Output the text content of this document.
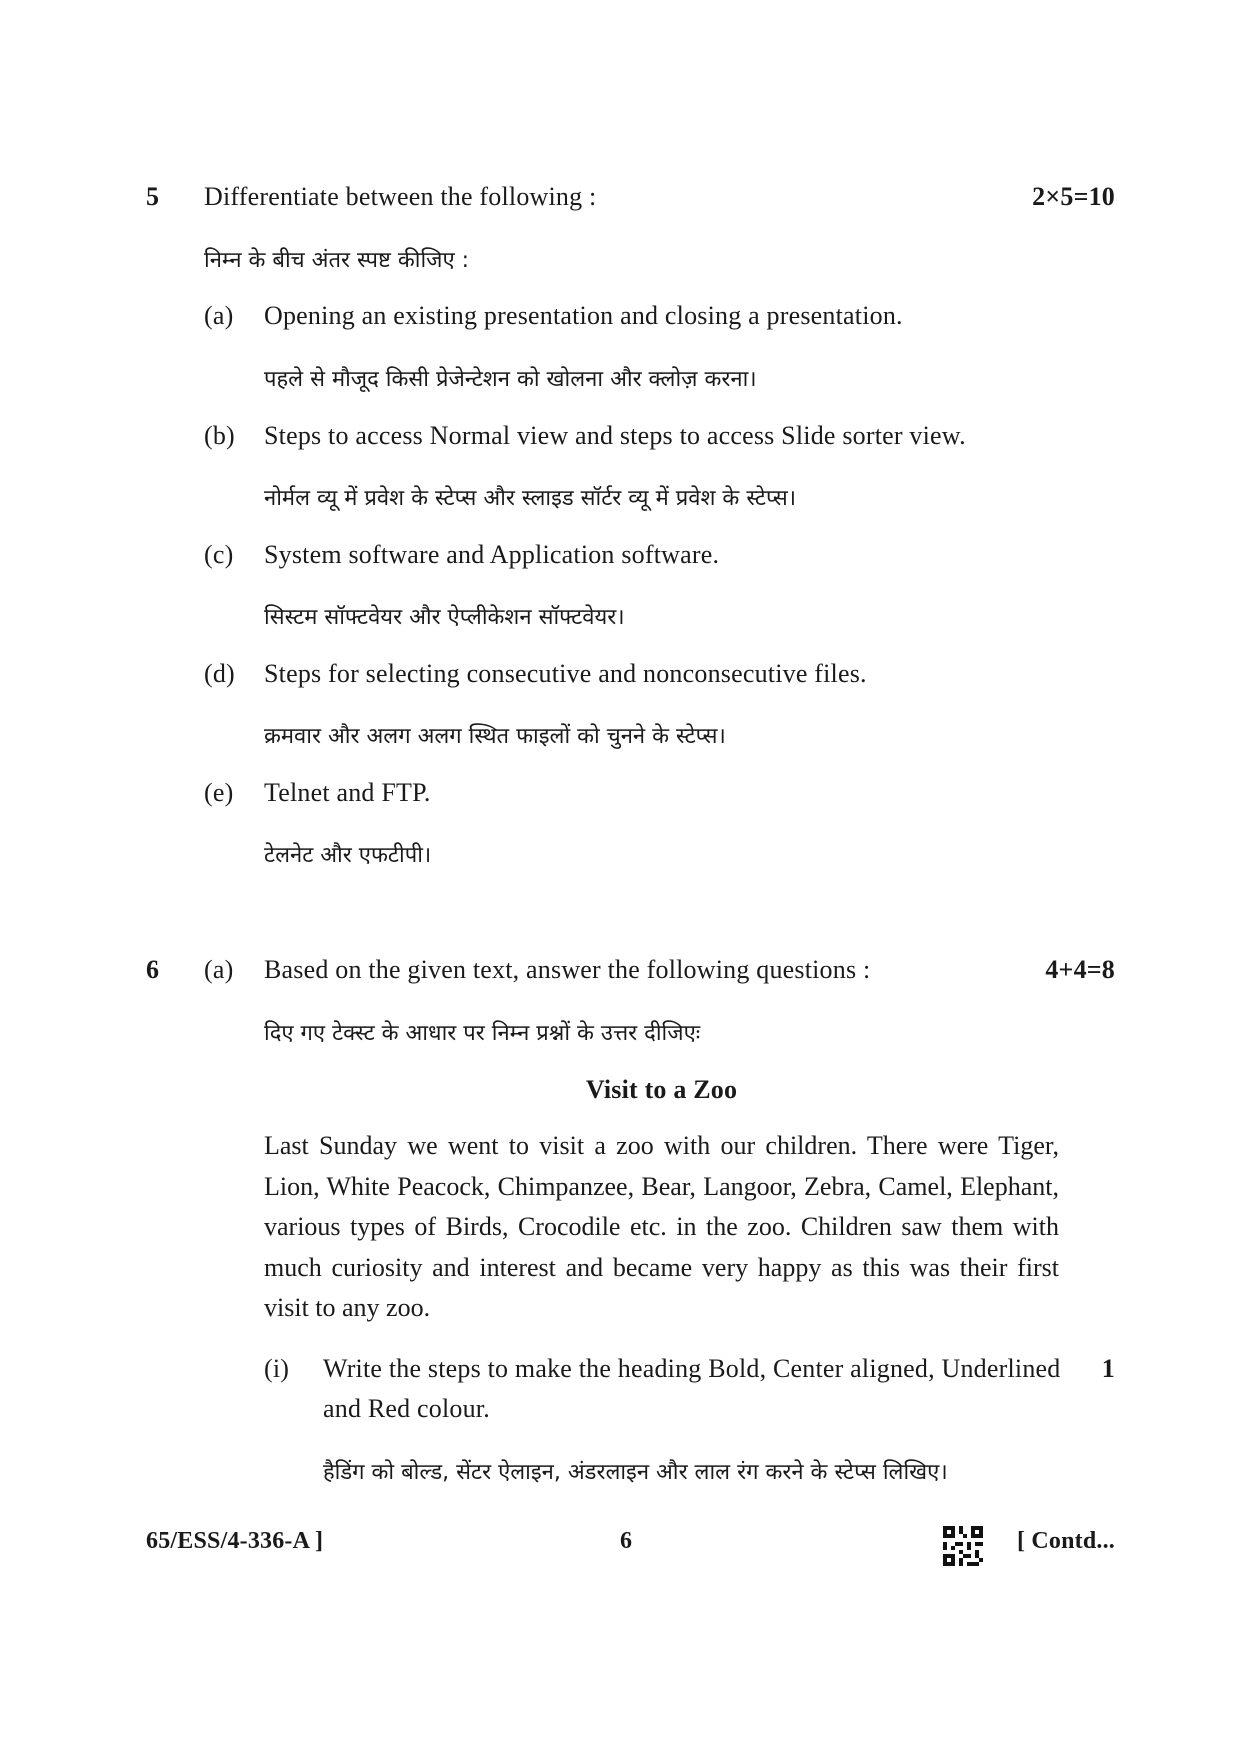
5 Differentiate between the following :	2×5=10
निम्न के बीच अंतर स्पष्ट कीजिए :
(a) Opening an existing presentation and closing a presentation.
पहले से मौजूद किसी प्रेजेन्टेशन को खोलना और क्लोज़ करना।
(b) Steps to access Normal view and steps to access Slide sorter view.
नोर्मल व्यू में प्रवेश के स्टेप्स और स्लाइड सॉर्टर व्यू में प्रवेश के स्टेप्स।
(c) System software and Application software.
सिस्टम सॉफ्टवेयर और ऐप्लीकेशन सॉफ्टवेयर।
(d) Steps for selecting consecutive and nonconsecutive files.
क्रमवार और अलग अलग स्थित फाइलों को चुनने के स्टेप्स।
(e) Telnet and FTP.
टेलनेट और एफटीपी।
6 (a) Based on the given text, answer the following questions :	4+4=8
दिए गए टेक्स्ट के आधार पर निम्न प्रश्नों के उत्तर दीजिएः
Visit to a Zoo
Last Sunday we went to visit a zoo with our children. There were Tiger, Lion, White Peacock, Chimpanzee, Bear, Langoor, Zebra, Camel, Elephant, various types of Birds, Crocodile etc. in the zoo. Children saw them with much curiosity and interest and became very happy as this was their first visit to any zoo.
(i) Write the steps to make the heading Bold, Center aligned, Underlined
and Red colour.
1
हैडिंग को बोल्ड, सेंटर ऐलाइन, अंडरलाइन और लाल रंग करने के स्टेप्स लिखिए।
65/ESS/4-336-A ]	6	[ Contd...
